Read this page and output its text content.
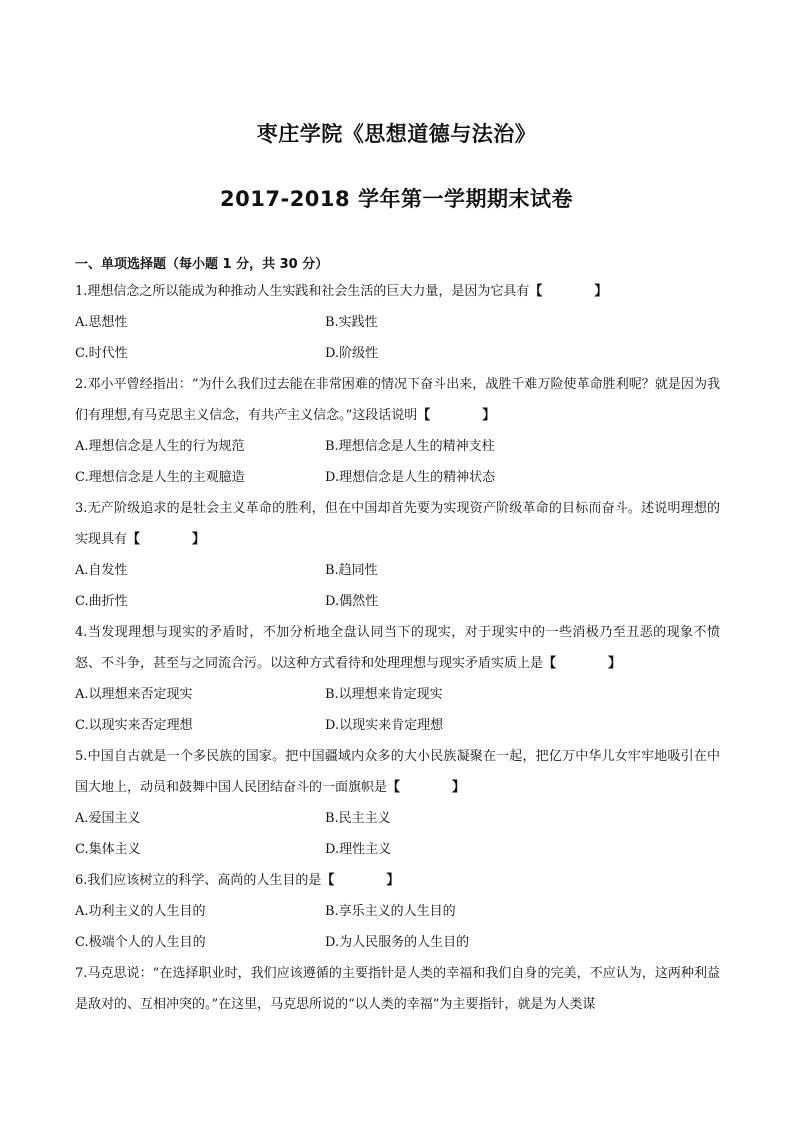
枣庄学院《思想道德与法治》
2017-2018 学年第一学期期末试卷
一、单项选择题（每小题 1 分，共 30 分）
1.理想信念之所以能成为种推动人生实践和社会生活的巨大力量，是因为它具有【　　　　】
A.思想性	B.实践性
C.时代性	D.阶级性
2.邓小平曾经指出：“为什么我们过去能在非常困难的情况下奋斗出来，战胜千难万险使革命胜利呢？就是因为我们有理想,有马克思主义信念，有共产主义信念。”这段话说明【　　　　】
A.理想信念是人生的行为规范	B.理想信念是人生的精神支柱
C.理想信念是人生的主观臆造	D.理想信念是人生的精神状态
3.无产阶级追求的是牡会主义革命的胜利，但在中国却首先要为实现资产阶级革命的目标而奋斗。述说明理想的实现具有【　　　　】
A.自发性	B.趋同性
C.曲折性	D.偶然性
4.当发现理想与现实的矛盾时，不加分析地全盘认同当下的现实，对于现实中的一些消极乃至丑恶的现象不愤怒、不斗争，甚至与之同流合污。以这种方式看待和处理理想与现实矛盾实质上是【　　　　】
A.以理想来否定现实	B.以理想来肯定现实
C.以现实来否定理想	D.以现实来肯定理想
5.中国自古就是一个多民族的国家。把中国疆域内众多的大小民族凝聚在一起，把亿万中华儿女牢牢地吸引在中国大地上，动员和鼓舞中国人民团结奋斗的一面旗帜是【　　　　】
A.爱国主义	B.民主主义
C.集体主义	D.理性主义
6.我们应该树立的科学、高尚的人生目的是【　　　　】
A.功利主义的人生目的	B.享乐主义的人生目的
C.极端个人的人生目的	D.为人民服务的人生目的
7.马克思说：“在选择职业时，我们应该遵循的主要指针是人类的幸福和我们自身的完美，不应认为，这两种利益是敌对的、互相冲突的。”在这里，马克思所说的“以人类的幸福”为主要指针，就是为人类谋
